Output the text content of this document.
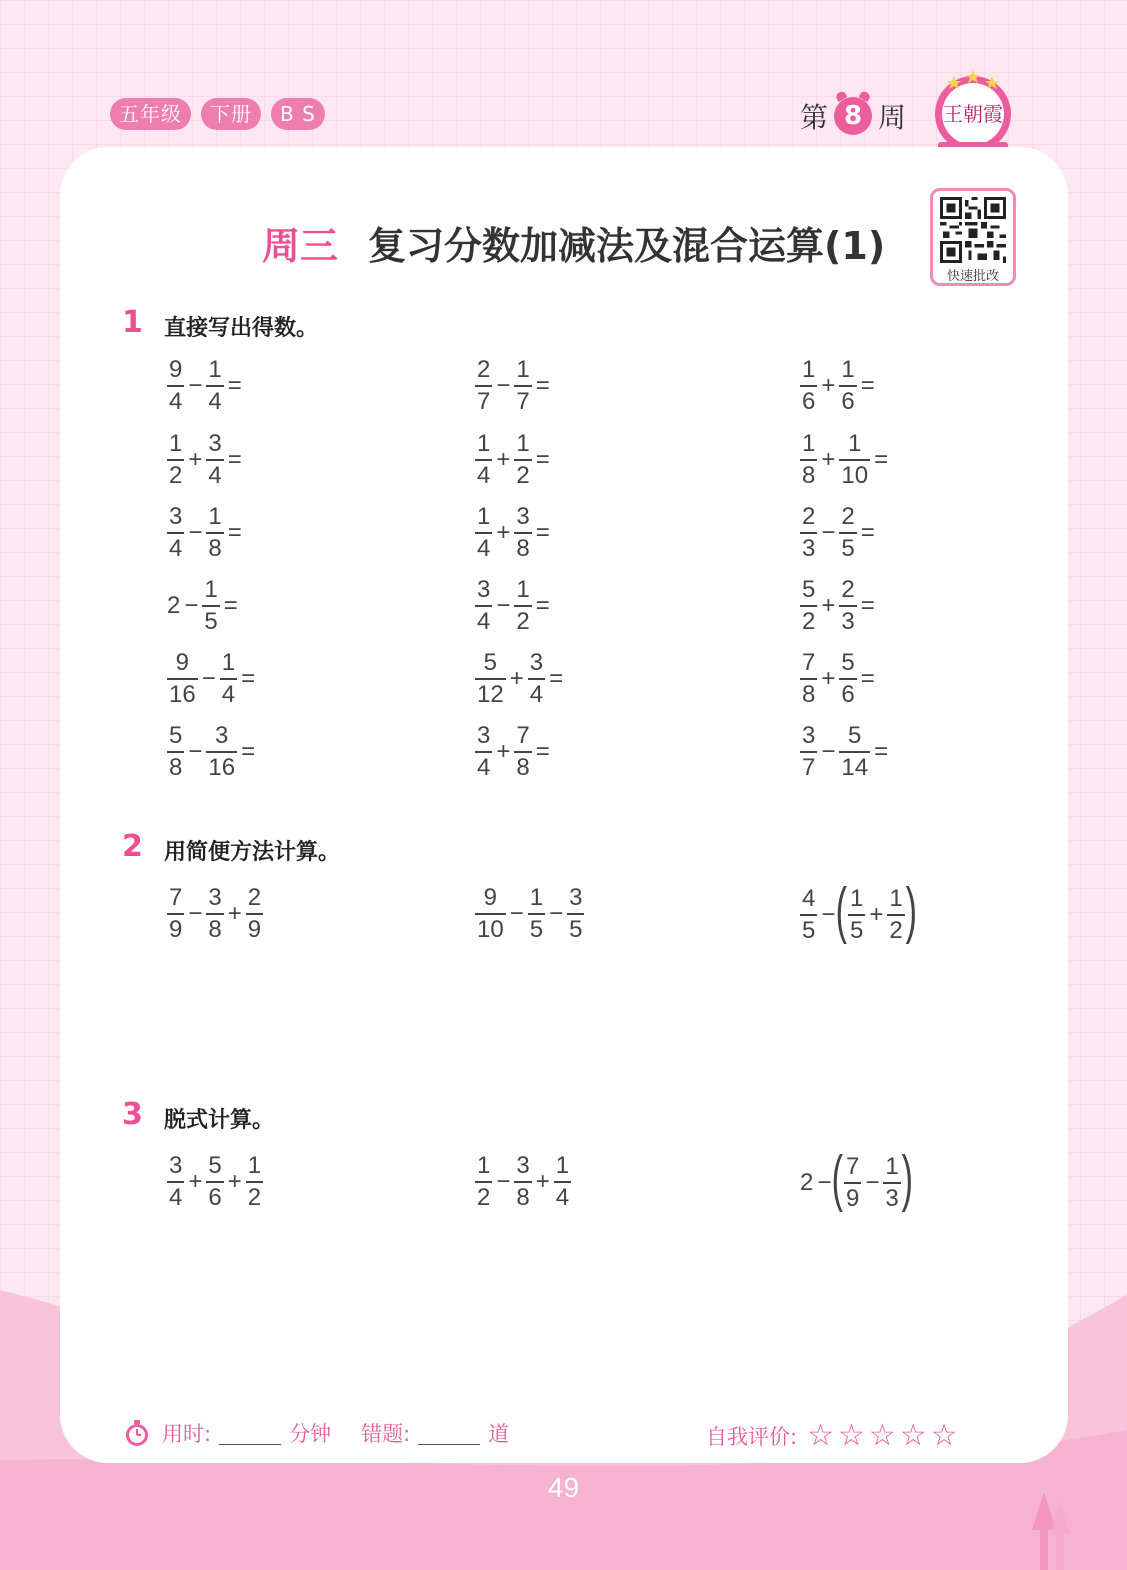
五年级	下册	B S	第 8 周 王朝霞
快速批改
周三 复习分数加减法及混合运算(1)
1 直接写出得数。
2 用简便方法计算。
3 脱式计算。
$\frac{9}{4} - \frac{1}{4}$ =	$\frac{2}{7} - \frac{1}{7}$ =	$\frac{1}{6} + \frac{1}{6}$ =
$\frac{1}{2} + \frac{3}{4}$ =	$\frac{1}{4} + \frac{1}{2}$ =	$\frac{1}{8} + \frac{1}{10}$ =
$\frac{3}{4} - \frac{1}{8}$ =	$\frac{1}{4} + \frac{3}{8}$ =	$\frac{2}{3} - \frac{2}{5}$ =
$2 - \frac{1}{5}$ =	$\frac{3}{4} - \frac{1}{2}$ =	$\frac{5}{2} + \frac{2}{3}$ =
$\frac{9}{16} - \frac{1}{4}$ =	$\frac{5}{12} + \frac{3}{4}$ =	$\frac{7}{8} + \frac{5}{6}$ =
$\frac{5}{8} - \frac{3}{16}$ =	$\frac{3}{4} + \frac{7}{8}$ =	$\frac{3}{7} - \frac{5}{14}$ =
$\frac{7}{9} - \frac{3}{8} + \frac{2}{9}$	$\frac{9}{10} - \frac{1}{5} - \frac{3}{5}$	$\frac{4}{5}$ − ( $\frac{1}{5} + \frac{1}{2}$ )
$\frac{3}{4} + \frac{5}{6} + \frac{1}{2}$	$\frac{1}{2} - \frac{3}{8} + \frac{1}{4}$	2 − ( $\frac{7}{9} - \frac{1}{3}$ )
用时:	分钟 错题:	道	自我评价: ☆☆☆☆☆
49
